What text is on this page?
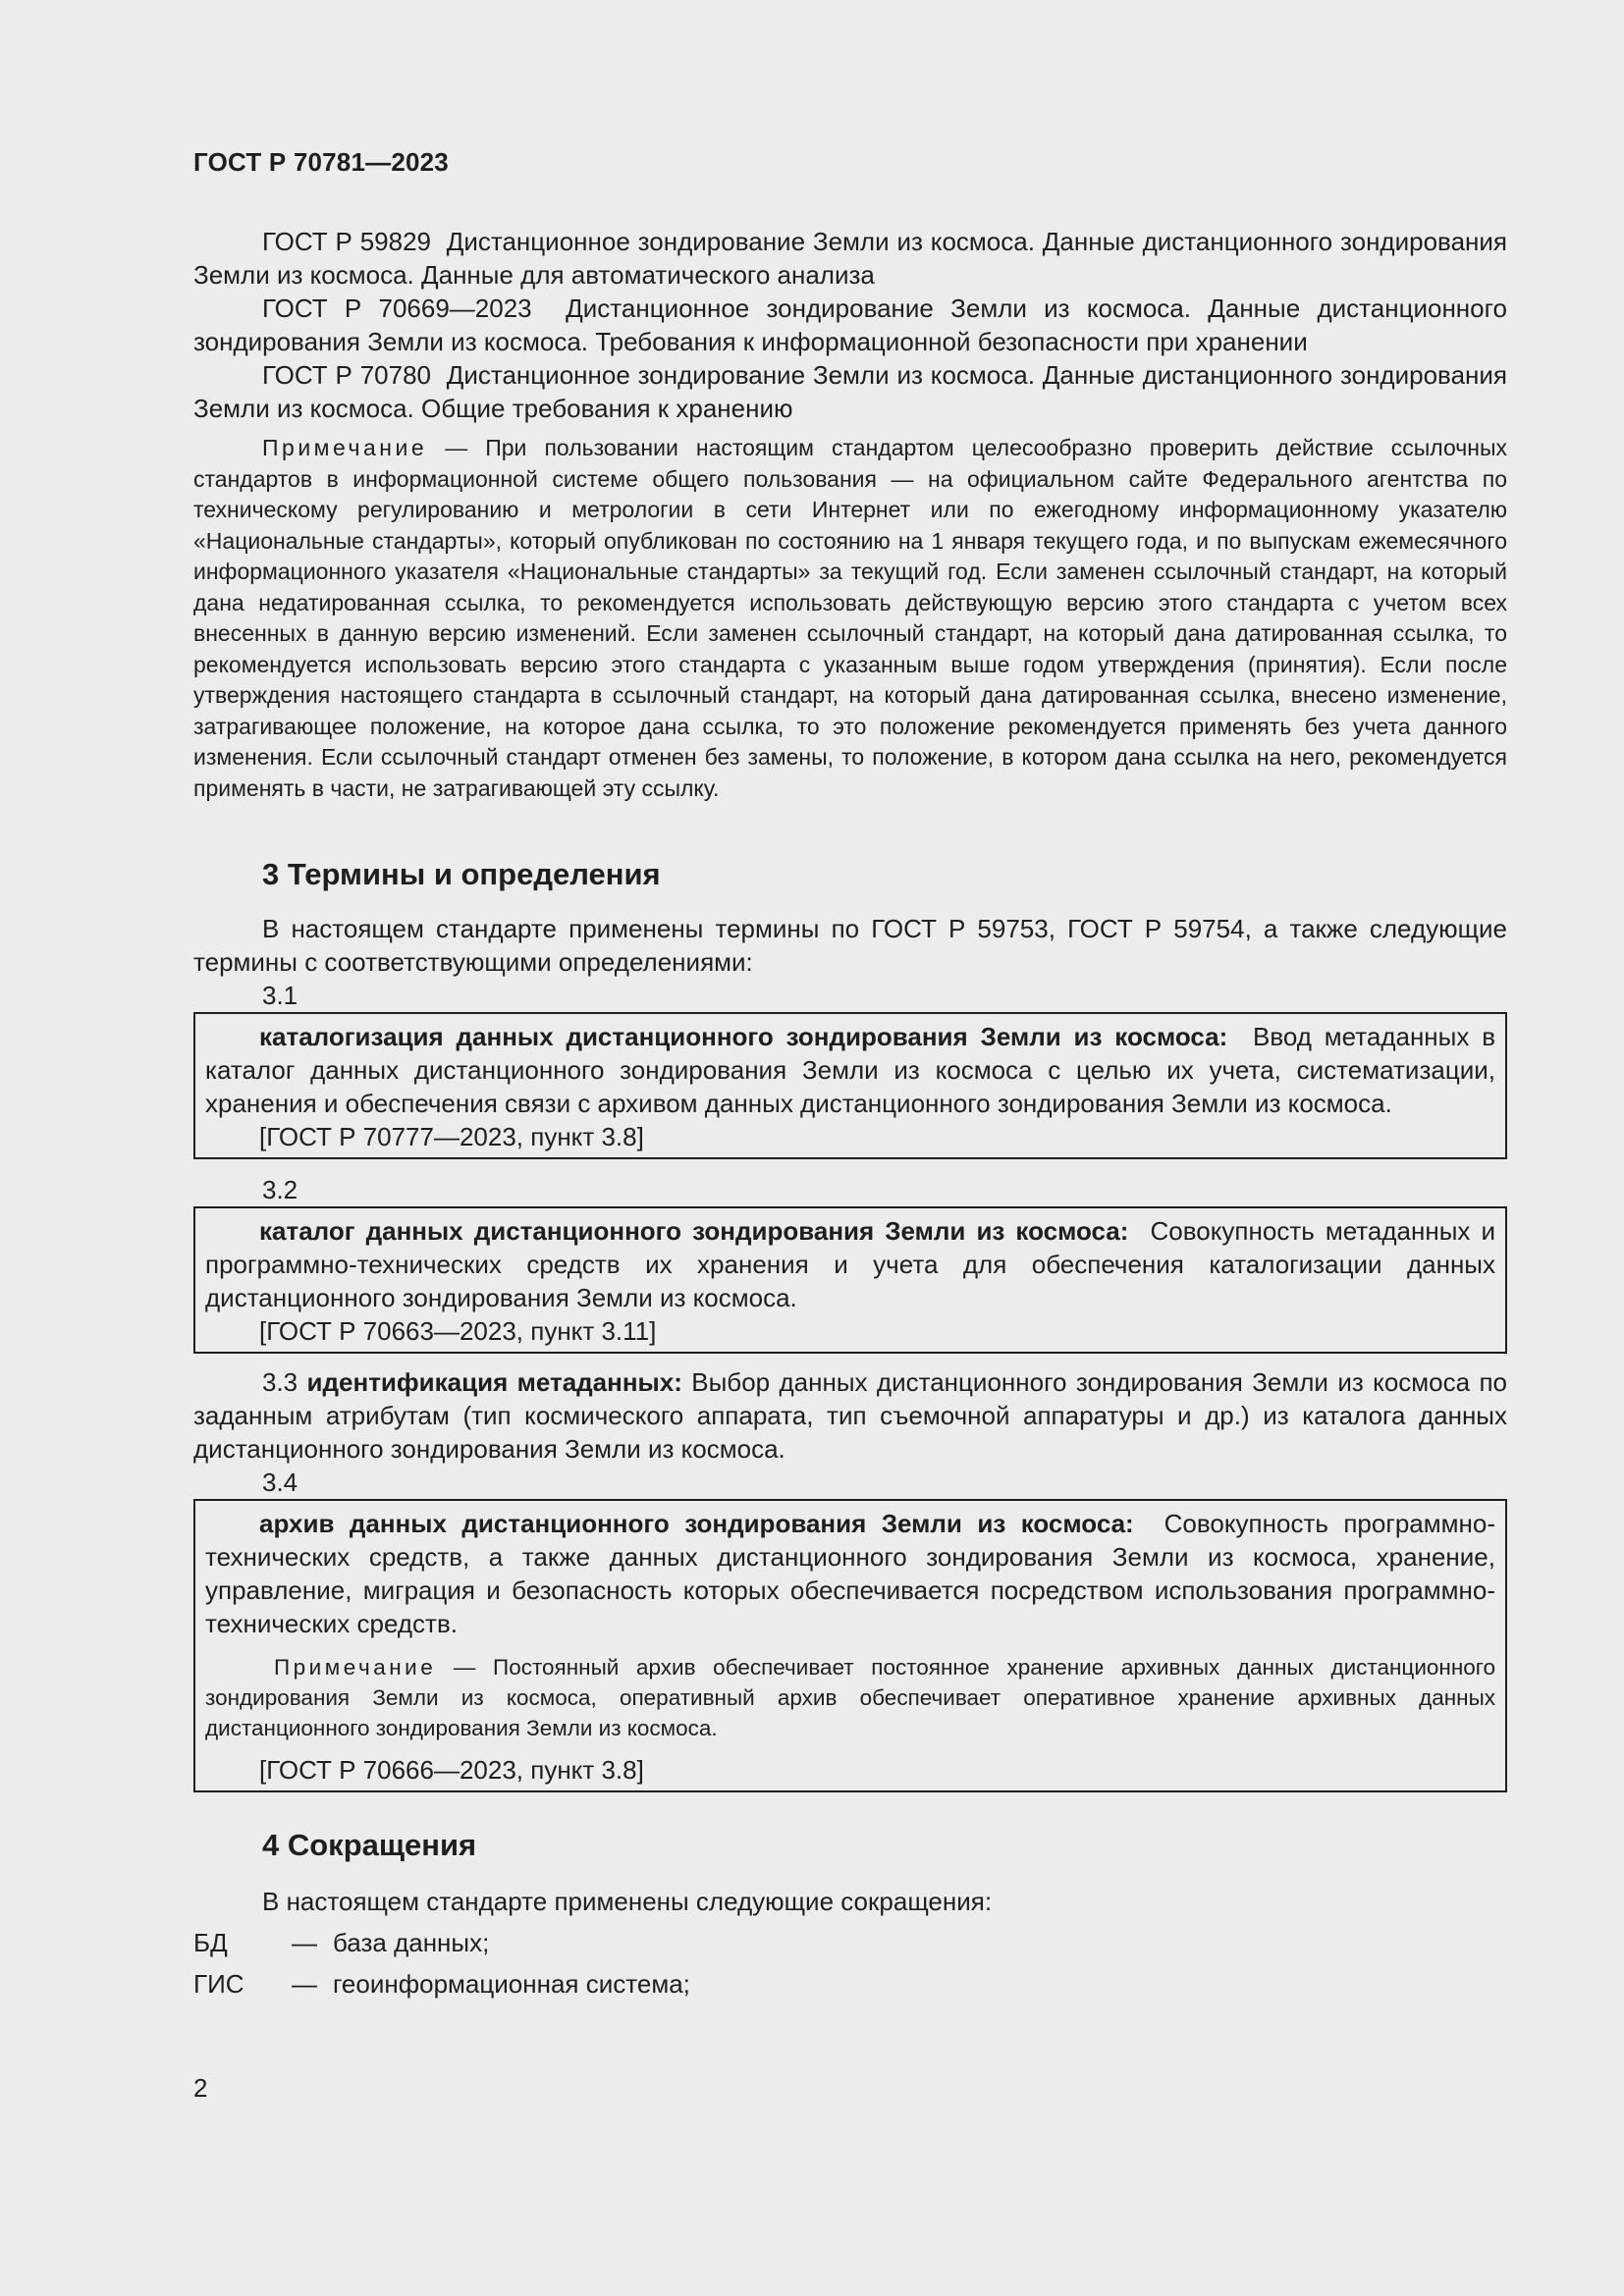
ГОСТ Р 70781—2023

ГОСТ Р 59829 Дистанционное зондирование Земли из космоса. Данные дистанционного зондирования Земли из космоса. Данные для автоматического анализа

ГОСТ Р 70669—2023 Дистанционное зондирование Земли из космоса. Данные дистанционного зондирования Земли из космоса. Требования к информационной безопасности при хранении

ГОСТ Р 70780 Дистанционное зондирование Земли из космоса. Данные дистанционного зондирования Земли из космоса. Общие требования к хранению

Примечание — При пользовании настоящим стандартом целесообразно проверить действие ссылочных стандартов в информационной системе общего пользования — на официальном сайте Федерального агентства по техническому регулированию и метрологии в сети Интернет или по ежегодному информационному указателю «Национальные стандарты», который опубликован по состоянию на 1 января текущего года, и по выпускам ежемесячного информационного указателя «Национальные стандарты» за текущий год. Если заменен ссылочный стандарт, на который дана недатированная ссылка, то рекомендуется использовать действующую версию этого стандарта с учетом всех внесенных в данную версию изменений. Если заменен ссылочный стандарт, на который дана датированная ссылка, то рекомендуется использовать версию этого стандарта с указанным выше годом утверждения (принятия). Если после утверждения настоящего стандарта в ссылочный стандарт, на который дана датированная ссылка, внесено изменение, затрагивающее положение, на которое дана ссылка, то это положение рекомендуется применять без учета данного изменения. Если ссылочный стандарт отменен без замены, то положение, в котором дана ссылка на него, рекомендуется применять в части, не затрагивающей эту ссылку.

3 Термины и определения

В настоящем стандарте применены термины по ГОСТ Р 59753, ГОСТ Р 59754, а также следующие термины с соответствующими определениями:

3.1

каталогизация данных дистанционного зондирования Земли из космоса: Ввод метаданных в каталог данных дистанционного зондирования Земли из космоса с целью их учета, систематизации, хранения и обеспечения связи с архивом данных дистанционного зондирования Земли из космоса.

[ГОСТ Р 70777—2023, пункт 3.8]

3.2

каталог данных дистанционного зондирования Земли из космоса: Совокупность метаданных и программно-технических средств их хранения и учета для обеспечения каталогизации данных дистанционного зондирования Земли из космоса.

[ГОСТ Р 70663—2023, пункт 3.11]

3.3 идентификация метаданных: Выбор данных дистанционного зондирования Земли из космоса по заданным атрибутам (тип космического аппарата, тип съемочной аппаратуры и др.) из каталога данных дистанционного зондирования Земли из космоса.

3.4

архив данных дистанционного зондирования Земли из космоса: Совокупность программно-технических средств, а также данных дистанционного зондирования Земли из космоса, хранение, управление, миграция и безопасность которых обеспечивается посредством использования программно-технических средств.

Примечание — Постоянный архив обеспечивает постоянное хранение архивных данных дистанционного зондирования Земли из космоса, оперативный архив обеспечивает оперативное хранение архивных данных дистанционного зондирования Земли из космоса.

[ГОСТ Р 70666—2023, пункт 3.8]

4 Сокращения

В настоящем стандарте применены следующие сокращения:

БД	— база данных;
ГИС	— геоинформационная система;
2
